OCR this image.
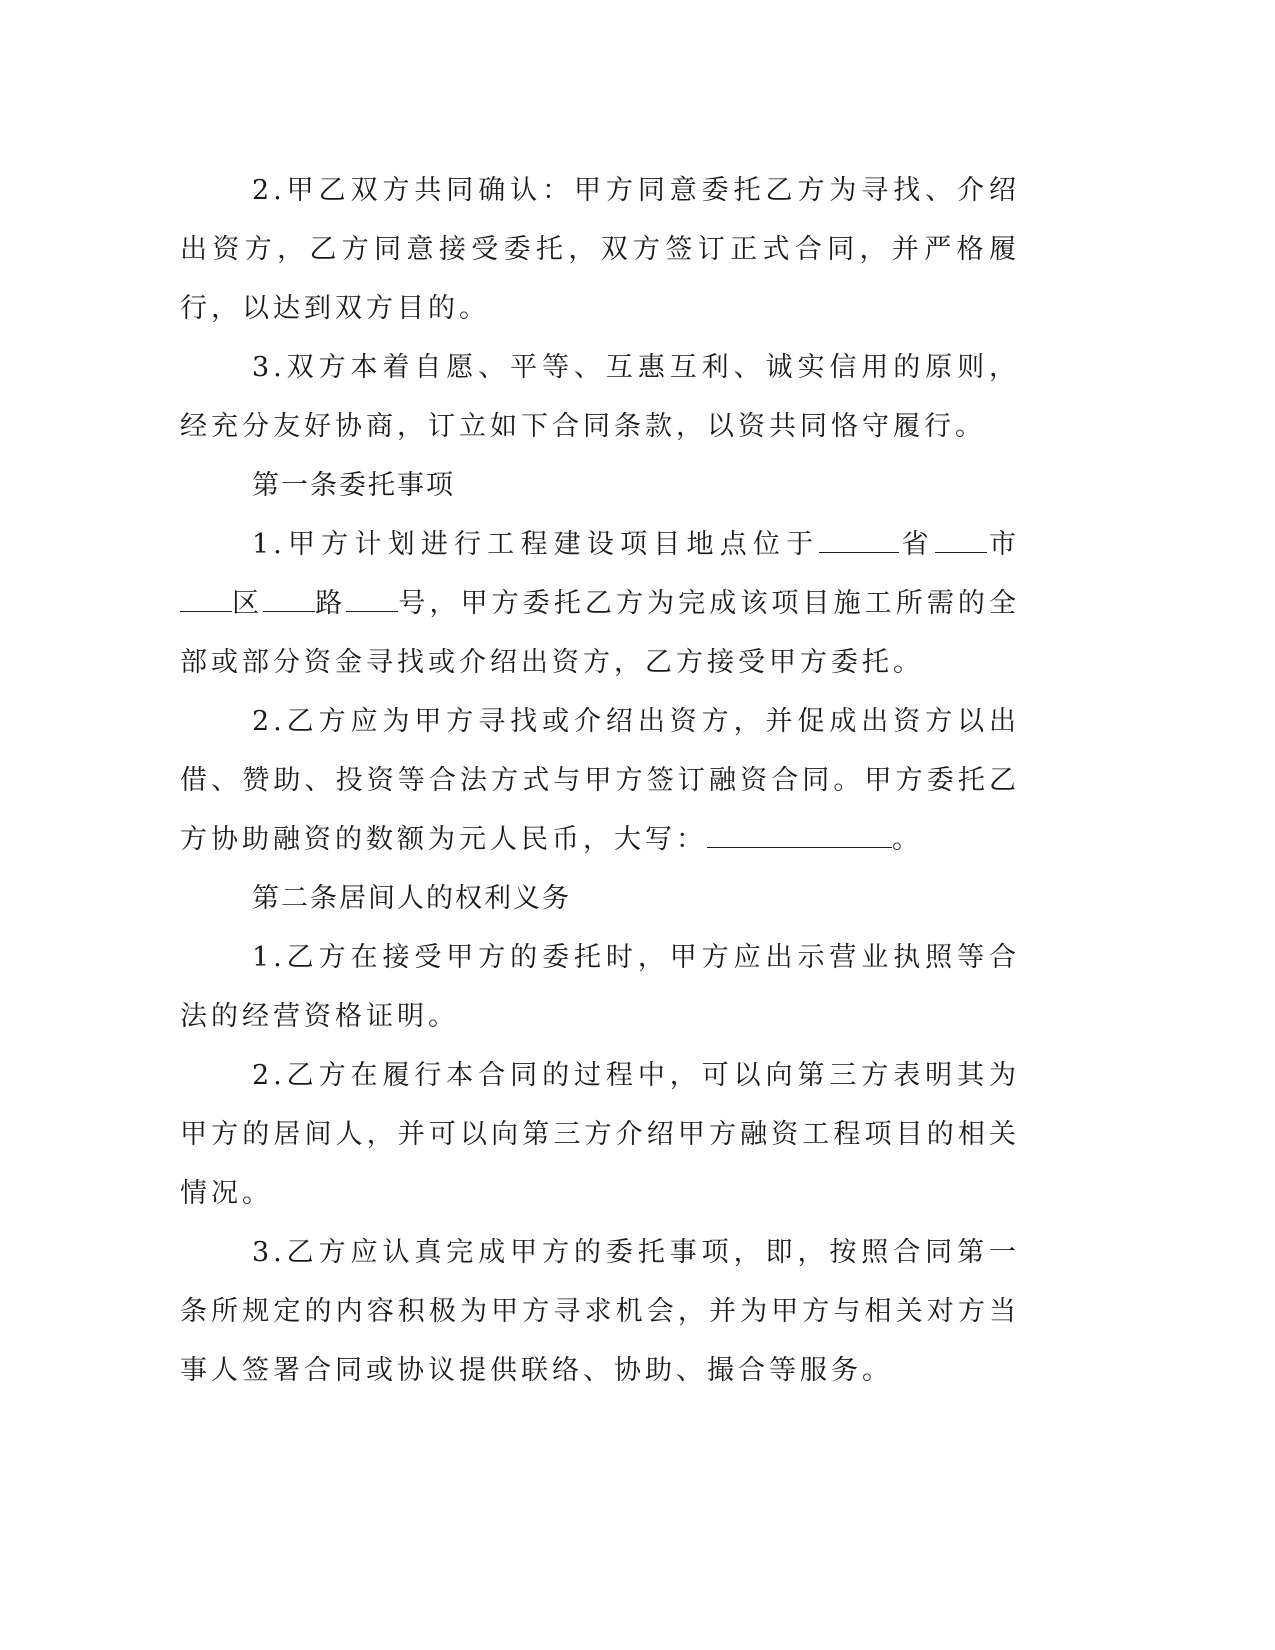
2.甲乙双方共同确认：甲方同意委托乙方为寻找、介绍出资方，乙方同意接受委托，双方签订正式合同，并严格履行，以达到双方目的。

3.双方本着自愿、平等、互惠互利、诚实信用的原则，经充分友好协商，订立如下合同条款，以资共同恪守履行。

第一条委托事项

1.甲方计划进行工程建设项目地点位于	省 市区 路 号，甲方委托乙方为完成该项目施工所需的全部或部分资金寻找或介绍出资方，乙方接受甲方委托。

2.乙方应为甲方寻找或介绍出资方，并促成出资方以出借、赞助、投资等合法方式与甲方签订融资合同。甲方委托乙方协助融资的数额为元人民币，大写：	。

第二条居间人的权利义务

1.乙方在接受甲方的委托时，甲方应出示营业执照等合法的经营资格证明。

2.乙方在履行本合同的过程中，可以向第三方表明其为甲方的居间人，并可以向第三方介绍甲方融资工程项目的相关情况。

3.乙方应认真完成甲方的委托事项，即，按照合同第一条所规定的内容积极为甲方寻求机会，并为甲方与相关对方当事人签署合同或协议提供联络、协助、撮合等服务。
